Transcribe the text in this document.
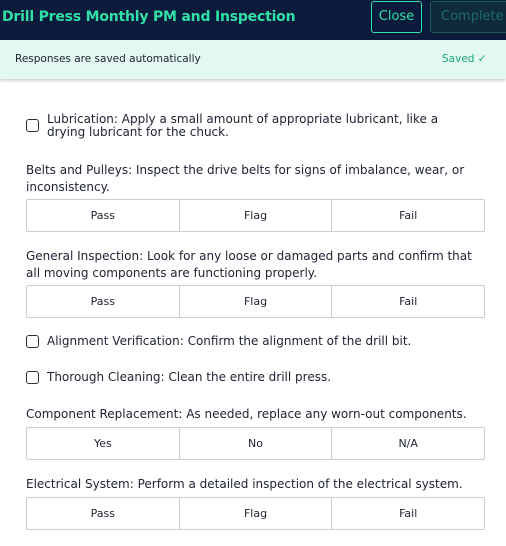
Drill Press Monthly PM and Inspection	Close	Complete
Responses are saved automatically	Saved ✓
Lubrication: Apply a small amount of appropriate lubricant, like a drying lubricant for the chuck.
Belts and Pulleys: Inspect the drive belts for signs of imbalance, wear, or inconsistency.
Pass	Flag	Fail
General Inspection: Look for any loose or damaged parts and confirm that all moving components are functioning properly.
Pass	Flag	Fail
Alignment Verification: Confirm the alignment of the drill bit.
Thorough Cleaning: Clean the entire drill press.
Component Replacement: As needed, replace any worn-out components.
Yes	No	N/A
Electrical System: Perform a detailed inspection of the electrical system.
Pass	Flag	Fail
